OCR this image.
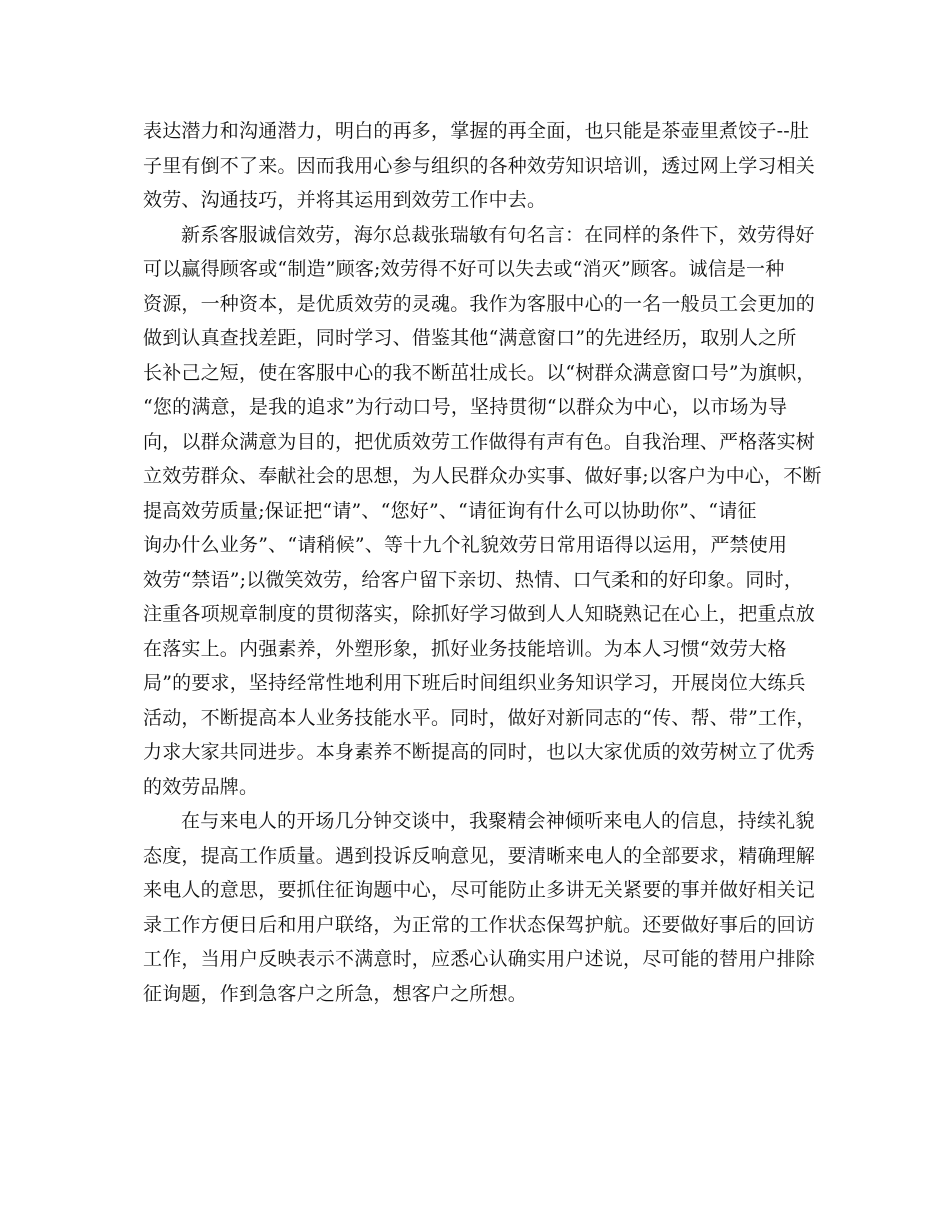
表达潜力和沟通潜力，明白的再多，掌握的再全面，也只能是茶壶里煮饺子--肚
子里有倒不了来。因而我用心参与组织的各种效劳知识培训，透过网上学习相关
效劳、沟通技巧，并将其运用到效劳工作中去。
新系客服诚信效劳，海尔总裁张瑞敏有句名言：在同样的条件下，效劳得好
可以赢得顾客或“制造”顾客;效劳得不好可以失去或“消灭”顾客。诚信是一种
资源，一种资本，是优质效劳的灵魂。我作为客服中心的一名一般员工会更加的
做到认真查找差距，同时学习、借鉴其他“满意窗口”的先进经历，取别人之所
长补己之短，使在客服中心的我不断茁壮成长。以“树群众满意窗口号”为旗帜，
“您的满意，是我的追求”为行动口号，坚持贯彻“以群众为中心，以市场为导
向，以群众满意为目的，把优质效劳工作做得有声有色。自我治理、严格落实树
立效劳群众、奉献社会的思想，为人民群众办实事、做好事;以客户为中心，不断
提高效劳质量;保证把“请”、“您好”、“请征询有什么可以协助你”、“请征
询办什么业务”、“请稍候”、等十九个礼貌效劳日常用语得以运用，严禁使用
效劳“禁语”;以微笑效劳，给客户留下亲切、热情、口气柔和的好印象。同时，
注重各项规章制度的贯彻落实，除抓好学习做到人人知晓熟记在心上，把重点放
在落实上。内强素养，外塑形象，抓好业务技能培训。为本人习惯“效劳大格
局”的要求，坚持经常性地利用下班后时间组织业务知识学习，开展岗位大练兵
活动，不断提高本人业务技能水平。同时，做好对新同志的“传、帮、带”工作，
力求大家共同进步。本身素养不断提高的同时，也以大家优质的效劳树立了优秀
的效劳品牌。
在与来电人的开场几分钟交谈中，我聚精会神倾听来电人的信息，持续礼貌
态度，提高工作质量。遇到投诉反响意见，要清晰来电人的全部要求，精确理解
来电人的意思，要抓住征询题中心，尽可能防止多讲无关紧要的事并做好相关记
录工作方便日后和用户联络，为正常的工作状态保驾护航。还要做好事后的回访
工作，当用户反映表示不满意时，应悉心认确实用户述说，尽可能的替用户排除
征询题，作到急客户之所急，想客户之所想。
